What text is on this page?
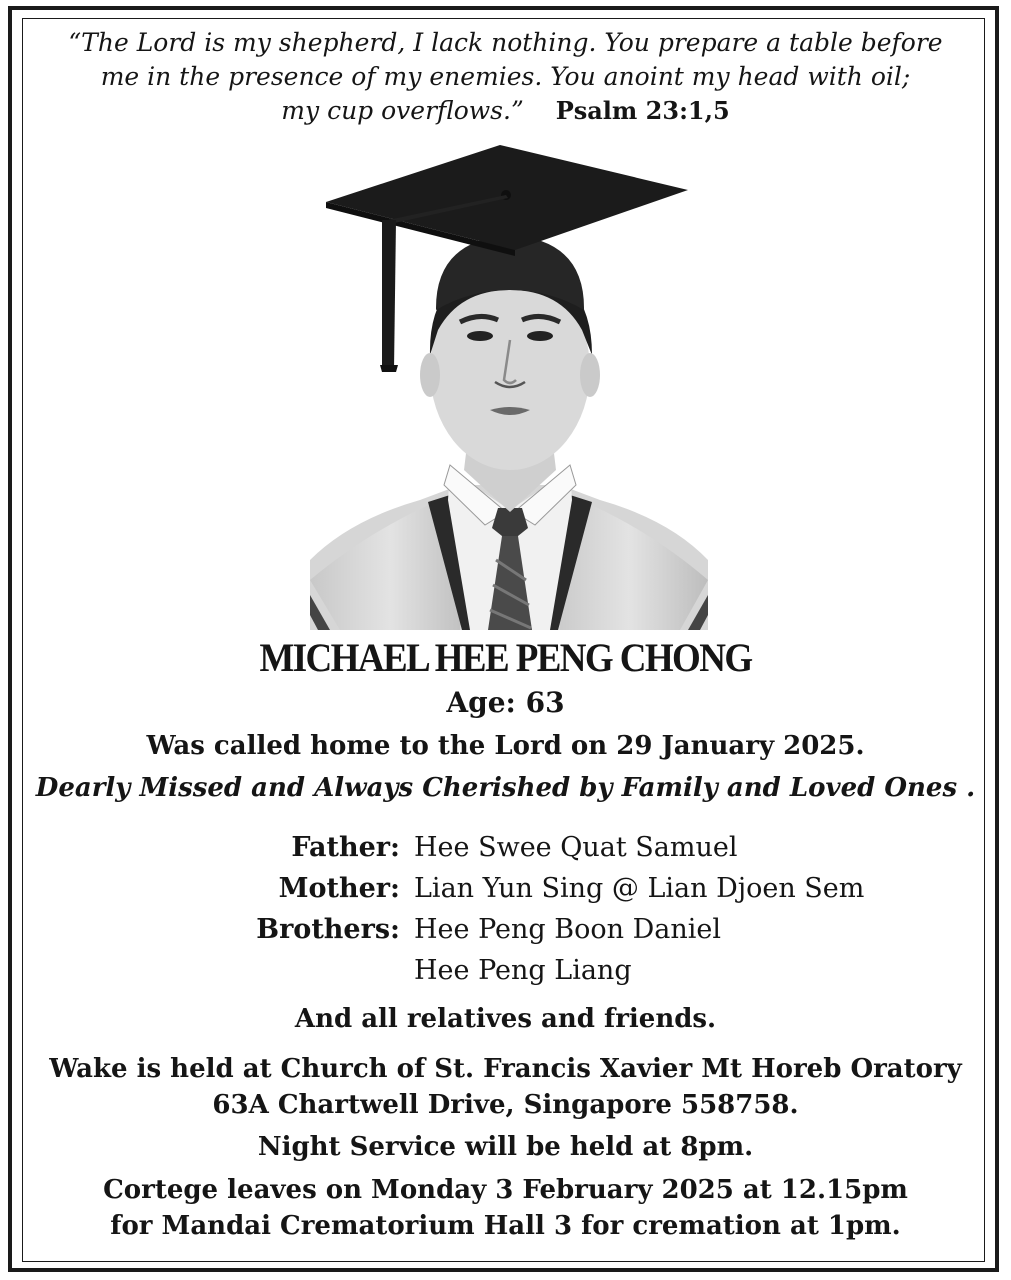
“The Lord is my shepherd, I lack nothing. You prepare a table before
me in the presence of my enemies. You anoint my head with oil;
my cup overflows.” Psalm 23:1,5
MICHAEL HEE PENG CHONG
Age: 63
Was called home to the Lord on 29 January 2025.
Dearly Missed and Always Cherished by Family and Loved Ones .
Father: Hee Swee Quat Samuel
Mother: Lian Yun Sing @ Lian Djoen Sem
Brothers: Hee Peng Boon Daniel
Hee Peng Liang
And all relatives and friends.
Wake is held at Church of St. Francis Xavier Mt Horeb Oratory
63A Chartwell Drive, Singapore 558758.
Night Service will be held at 8pm.
Cortege leaves on Monday 3 February 2025 at 12.15pm
for Mandai Crematorium Hall 3 for cremation at 1pm.
